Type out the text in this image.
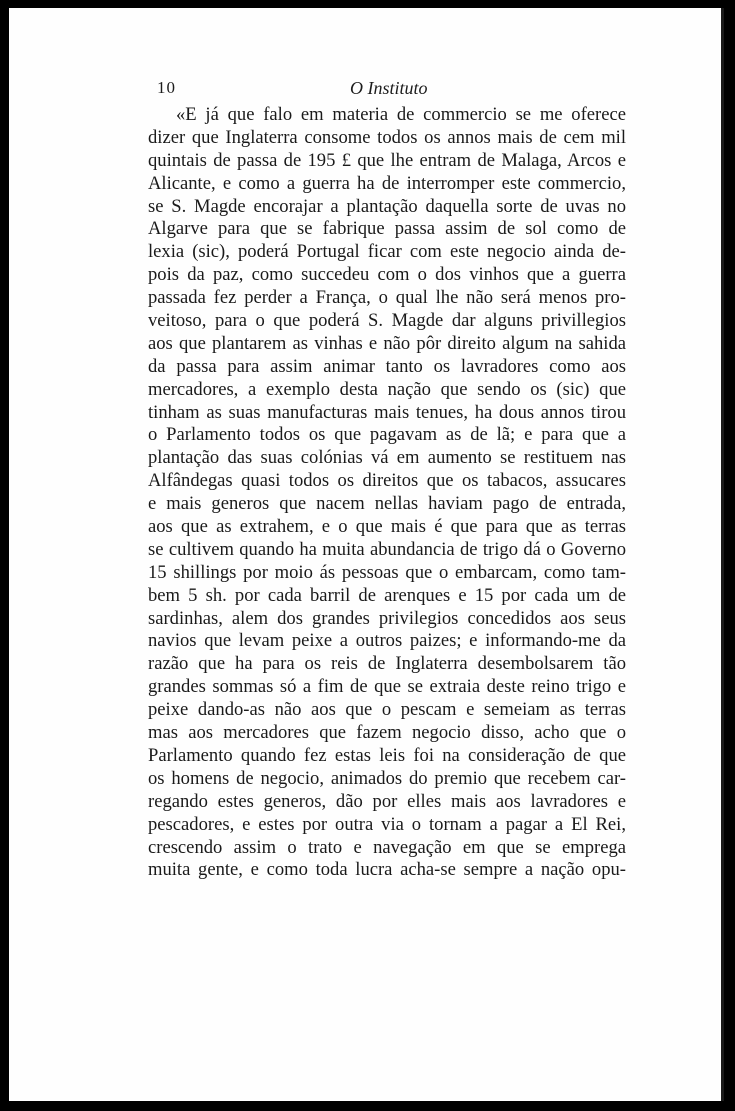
10	O Instituto
«E já que falo em materia de commercio se me oferece
dizer que Inglaterra consome todos os annos mais de cem mil
quintais de passa de 195 £ que lhe entram de Malaga, Arcos e
Alicante, e como a guerra ha de interromper este commercio,
se S. Magde encorajar a plantação daquella sorte de uvas no
Algarve para que se fabrique passa assim de sol como de
lexia (sic), poderá Portugal ficar com este negocio ainda de-
pois da paz, como succedeu com o dos vinhos que a guerra
passada fez perder a França, o qual lhe não será menos pro-
veitoso, para o que poderá S. Magde dar alguns privillegios
aos que plantarem as vinhas e não pôr direito algum na sahida
da passa para assim animar tanto os lavradores como aos
mercadores, a exemplo desta nação que sendo os (sic) que
tinham as suas manufacturas mais tenues, ha dous annos tirou
o Parlamento todos os que pagavam as de lã; e para que a
plantação das suas colónias vá em aumento se restituem nas
Alfândegas quasi todos os direitos que os tabacos, assucares
e mais generos que nacem nellas haviam pago de entrada,
aos que as extrahem, e o que mais é que para que as terras
se cultivem quando ha muita abundancia de trigo dá o Governo
15 shillings por moio ás pessoas que o embarcam, como tam-
bem 5 sh. por cada barril de arenques e 15 por cada um de
sardinhas, alem dos grandes privilegios concedidos aos seus
navios que levam peixe a outros paizes; e informando-me da
razão que ha para os reis de Inglaterra desembolsarem tão
grandes sommas só a fim de que se extraia deste reino trigo e
peixe dando-as não aos que o pescam e semeiam as terras
mas aos mercadores que fazem negocio disso, acho que o
Parlamento quando fez estas leis foi na consideração de que
os homens de negocio, animados do premio que recebem car-
regando estes generos, dão por elles mais aos lavradores e
pescadores, e estes por outra via o tornam a pagar a El Rei,
crescendo assim o trato e navegação em que se emprega
muita gente, e como toda lucra acha-se sempre a nação opu-
